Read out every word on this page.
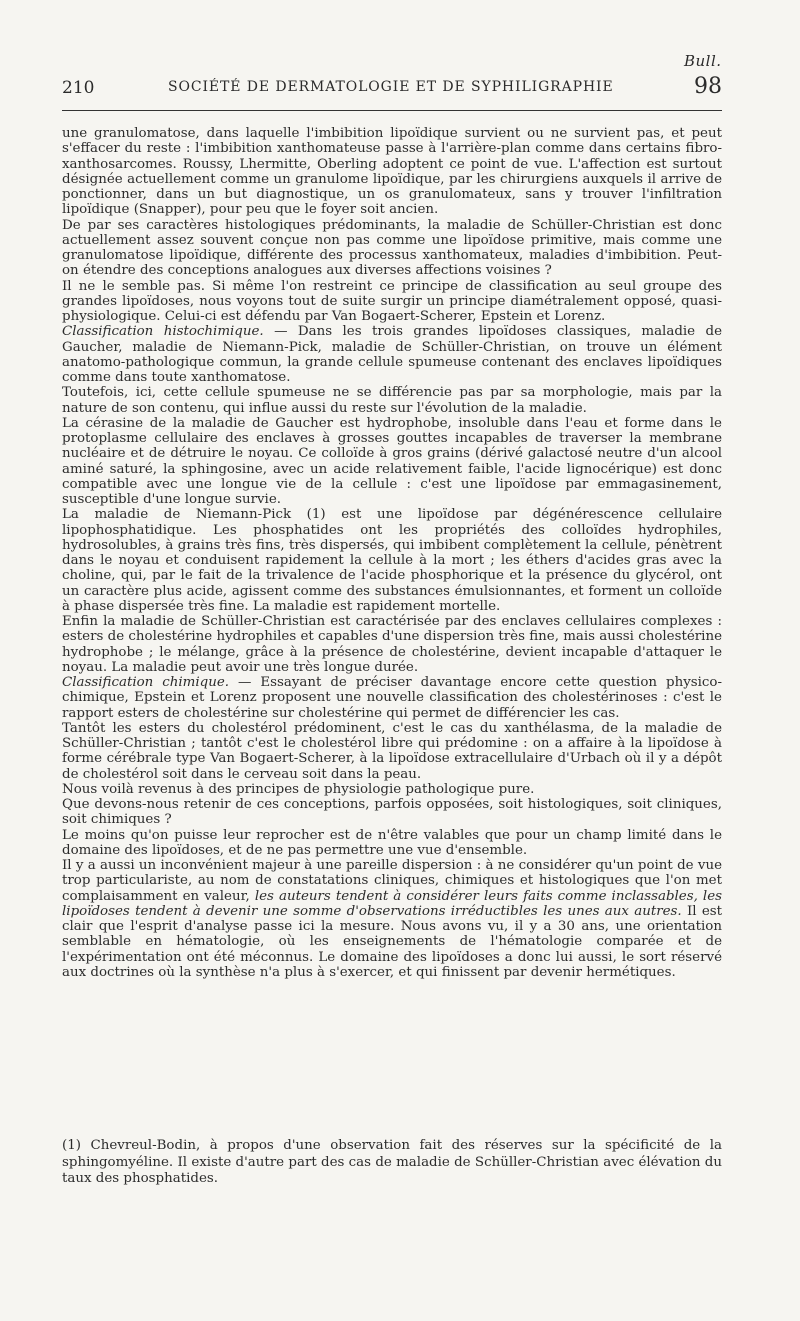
Bull.
210	SOCIÉTÉ DE DERMATOLOGIE ET DE SYPHILIGRAPHIE	98

une granulomatose, dans laquelle l'imbibition lipoïdique survient ou ne survient pas, et peut s'effacer du reste : l'imbibition xanthomateuse passe à l'arrière-plan comme dans certains fibro-xanthosarcomes. Roussy, Lhermitte, Oberling adoptent ce point de vue. L'affection est surtout désignée actuellement comme un granulome lipoïdique, par les chirurgiens auxquels il arrive de ponctionner, dans un but diagnostique, un os granulomateux, sans y trouver l'infiltration lipoïdique (Snapper), pour peu que le foyer soit ancien.

De par ses caractères histologiques prédominants, la maladie de Schüller-Christian est donc actuellement assez souvent conçue non pas comme une lipoïdose primitive, mais comme une granulomatose lipoïdique, différente des processus xanthomateux, maladies d'imbibition. Peut-on étendre des conceptions analogues aux diverses affections voisines ?

Il ne le semble pas. Si même l'on restreint ce principe de classification au seul groupe des grandes lipoïdoses, nous voyons tout de suite surgir un principe diamétralement opposé, quasi-physiologique. Celui-ci est défendu par Van Bogaert-Scherer, Epstein et Lorenz.

Classification histochimique. — Dans les trois grandes lipoïdoses classiques, maladie de Gaucher, maladie de Niemann-Pick, maladie de Schüller-Christian, on trouve un élément anatomo-pathologique commun, la grande cellule spumeuse contenant des enclaves lipoïdiques comme dans toute xanthomatose.

Toutefois, ici, cette cellule spumeuse ne se différencie pas par sa morphologie, mais par la nature de son contenu, qui influe aussi du reste sur l'évolution de la maladie.

La cérasine de la maladie de Gaucher est hydrophobe, insoluble dans l'eau et forme dans le protoplasme cellulaire des enclaves à grosses gouttes incapables de traverser la membrane nucléaire et de détruire le noyau. Ce colloïde à gros grains (dérivé galactosé neutre d'un alcool aminé saturé, la sphingosine, avec un acide relativement faible, l'acide lignocérique) est donc compatible avec une longue vie de la cellule : c'est une lipoïdose par emmagasinement, susceptible d'une longue survie.

La maladie de Niemann-Pick (1) est une lipoïdose par dégénérescence cellulaire lipophosphatidique. Les phosphatides ont les propriétés des colloïdes hydrophiles, hydrosolubles, à grains très fins, très dispersés, qui imbibent complètement la cellule, pénètrent dans le noyau et conduisent rapidement la cellule à la mort ; les éthers d'acides gras avec la choline, qui, par le fait de la trivalence de l'acide phosphorique et la présence du glycérol, ont un caractère plus acide, agissent comme des substances émulsionnantes, et forment un colloïde à phase dispersée très fine. La maladie est rapidement mortelle.

Enfin la maladie de Schüller-Christian est caractérisée par des enclaves cellulaires complexes : esters de cholestérine hydrophiles et capables d'une dispersion très fine, mais aussi cholestérine hydrophobe ; le mélange, grâce à la présence de cholestérine, devient incapable d'attaquer le noyau. La maladie peut avoir une très longue durée.

Classification chimique. — Essayant de préciser davantage encore cette question physico-chimique, Epstein et Lorenz proposent une nouvelle classification des cholestérinoses : c'est le rapport esters de cholestérine sur cholestérine qui permet de différencier les cas.

Tantôt les esters du cholestérol prédominent, c'est le cas du xanthélasma, de la maladie de Schüller-Christian ; tantôt c'est le cholestérol libre qui prédomine : on a affaire à la lipoïdose à forme cérébrale type Van Bogaert-Scherer, à la lipoïdose extracellulaire d'Urbach où il y a dépôt de cholestérol soit dans le cerveau soit dans la peau.

Nous voilà revenus à des principes de physiologie pathologique pure.

Que devons-nous retenir de ces conceptions, parfois opposées, soit histologiques, soit cliniques, soit chimiques ?

Le moins qu'on puisse leur reprocher est de n'être valables que pour un champ limité dans le domaine des lipoïdoses, et de ne pas permettre une vue d'ensemble.

Il y a aussi un inconvénient majeur à une pareille dispersion : à ne considérer qu'un point de vue trop particulariste, au nom de constatations cliniques, chimiques et histologiques que l'on met complaisamment en valeur, les auteurs tendent à considérer leurs faits comme inclassables, les lipoïdoses tendent à devenir une somme d'observations irréductibles les unes aux autres. Il est clair que l'esprit d'analyse passe ici la mesure. Nous avons vu, il y a 30 ans, une orientation semblable en hématologie, où les enseignements de l'hématologie comparée et de l'expérimentation ont été méconnus. Le domaine des lipoïdoses a donc lui aussi, le sort réservé aux doctrines où la synthèse n'a plus à s'exercer, et qui finissent par devenir hermétiques.

(1) Chevreul-Bodin, à propos d'une observation fait des réserves sur la spécificité de la sphingomyéline. Il existe d'autre part des cas de maladie de Schüller-Christian avec élévation du taux des phosphatides.
